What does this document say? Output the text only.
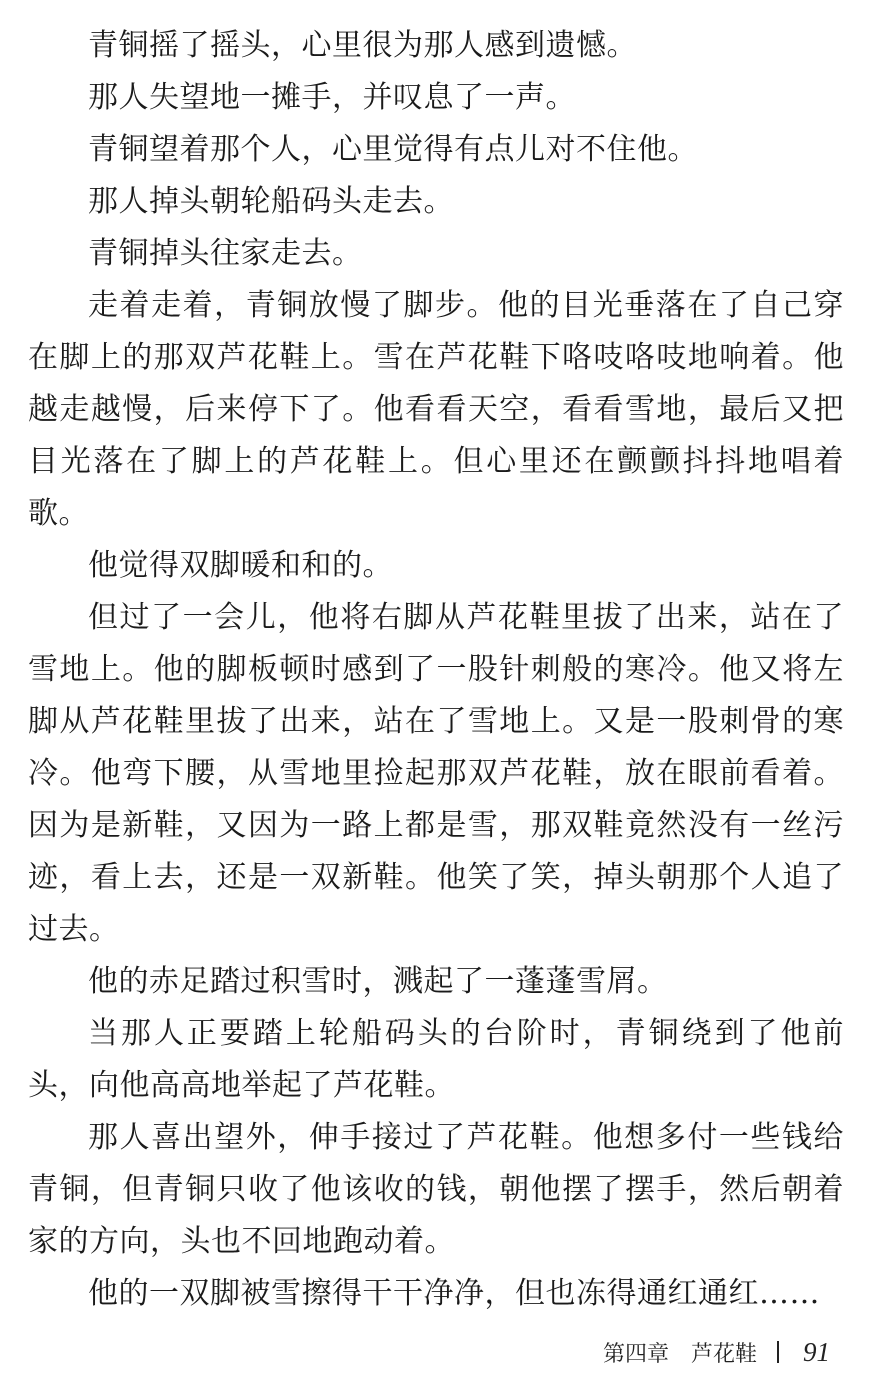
青铜摇了摇头，心里很为那人感到遗憾。

那人失望地一摊手，并叹息了一声。

青铜望着那个人，心里觉得有点儿对不住他。

那人掉头朝轮船码头走去。

青铜掉头往家走去。

走着走着，青铜放慢了脚步。他的目光垂落在了自己穿在脚上的那双芦花鞋上。雪在芦花鞋下咯吱咯吱地响着。他越走越慢，后来停下了。他看看天空，看看雪地，最后又把目光落在了脚上的芦花鞋上。但心里还在颤颤抖抖地唱着歌。

他觉得双脚暖和和的。

但过了一会儿，他将右脚从芦花鞋里拔了出来，站在了雪地上。他的脚板顿时感到了一股针刺般的寒冷。他又将左脚从芦花鞋里拔了出来，站在了雪地上。又是一股刺骨的寒冷。他弯下腰，从雪地里捡起那双芦花鞋，放在眼前看着。因为是新鞋，又因为一路上都是雪，那双鞋竟然没有一丝污迹，看上去，还是一双新鞋。他笑了笑，掉头朝那个人追了过去。

他的赤足踏过积雪时，溅起了一蓬蓬雪屑。

当那人正要踏上轮船码头的台阶时，青铜绕到了他前头，向他高高地举起了芦花鞋。

那人喜出望外，伸手接过了芦花鞋。他想多付一些钱给青铜，但青铜只收了他该收的钱，朝他摆了摆手，然后朝着家的方向，头也不回地跑动着。

他的一双脚被雪擦得干干净净，但也冻得通红通红……

第四章 芦花鞋 91
